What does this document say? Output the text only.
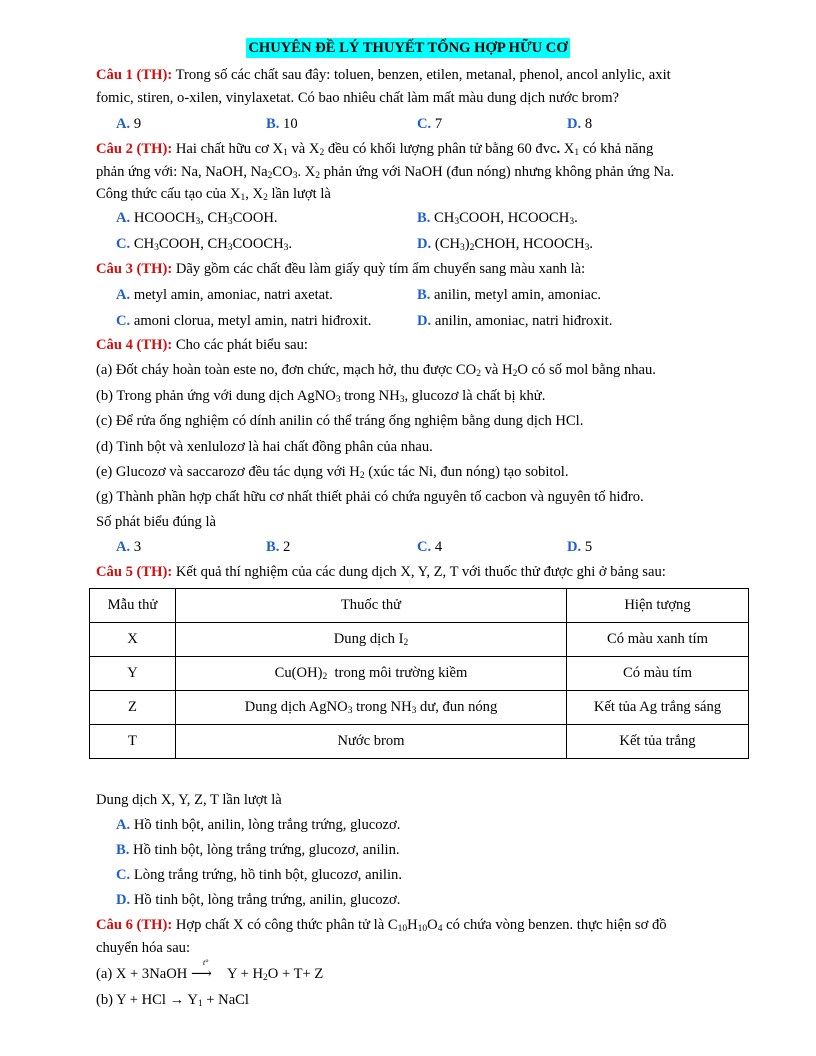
CHUYÊN ĐỀ LÝ THUYẾT TỔNG HỢP HỮU CƠ
Câu 1 (TH): Trong số các chất sau đây: toluen, benzen, etilen, metanal, phenol, ancol anlylic, axit
fomic, stiren, o-xilen, vinylaxetat. Có bao nhiêu chất làm mất màu dung dịch nước brom?
A. 9	B. 10	C. 7	D. 8
Câu 2 (TH): Hai chất hữu cơ $X_1$ và $X_2$ đều có khối lượng phân tử bằng 60 đvc. $X_1$ có khả năng
phản ứng với: Na, NaOH, $Na_2CO_3$. $X_2$ phản ứng với NaOH (đun nóng) nhưng không phản ứng Na.
Công thức cấu tạo của $X_1$, $X_2$ lần lượt là
A. $HCOOCH_3$, $CH_3COOH$.	B. $CH_3COOH$, $HCOOCH_3$.
C. $CH_3COOH$, $CH_3COOCH_3$.	D. $(CH_3)_2CHOH$, $HCOOCH_3$.
Câu 3 (TH): Dãy gồm các chất đều làm giấy quỳ tím ẩm chuyển sang màu xanh là:
A. metyl amin, amoniac, natri axetat.	B. anilin, metyl amin, amoniac.
C. amoni clorua, metyl amin, natri hiđroxit.	D. anilin, amoniac, natri hiđroxit.
Câu 4 (TH): Cho các phát biểu sau:
(a) Đốt cháy hoàn toàn este no, đơn chức, mạch hở, thu được $CO_2$ và $H_2O$ có số mol bằng nhau.
(b) Trong phản ứng với dung dịch AgNO$_3$ trong $NH_3$, glucozơ là chất bị khử.
(c) Để rửa ống nghiệm có dính anilin có thể tráng ống nghiệm bằng dung dịch HCl.
(d) Tinh bột và xenlulozơ là hai chất đồng phân của nhau.
(e) Glucozơ và saccarozơ đều tác dụng với $H_2$ (xúc tác Ni, đun nóng) tạo sobitol.
(g) Thành phần hợp chất hữu cơ nhất thiết phải có chứa nguyên tố cacbon và nguyên tố hiđro.
Số phát biểu đúng là
A. 3	B. 2	C. 4	D. 5
Câu 5 (TH): Kết quả thí nghiệm của các dung dịch X, Y, Z, T với thuốc thử được ghi ở bảng sau:
Mẫu thử	Thuốc thử	Hiện tượng
X	Dung dịch $I_2$	Có màu xanh tím
Y	$Cu(OH)_2$  trong môi trường kiềm	Có màu tím
Z	Dung dịch AgNO$_3$ trong $NH_3$ dư, đun nóng	Kết tủa Ag trắng sáng
T	Nước brom	Kết tủa trắng
Dung dịch X, Y, Z, T lần lượt là
A. Hồ tinh bột, anilin, lòng trắng trứng, glucozơ.
B. Hồ tinh bột, lòng trắng trứng, glucozơ, anilin.
C. Lòng trắng trứng, hồ tinh bột, glucozơ, anilin.
D. Hồ tinh bột, lòng trắng trứng, anilin, glucozơ.
Câu 6 (TH): Hợp chất X có công thức phân tử là $C_{10}H_{10}O_4$ có chứa vòng benzen. thực hiện sơ đồ
chuyển hóa sau:
(a) X + 3NaOH
t°
⟶ $Y + H_2O + T+ Z$
(b) Y + HCl → $Y_1$ + NaCl
